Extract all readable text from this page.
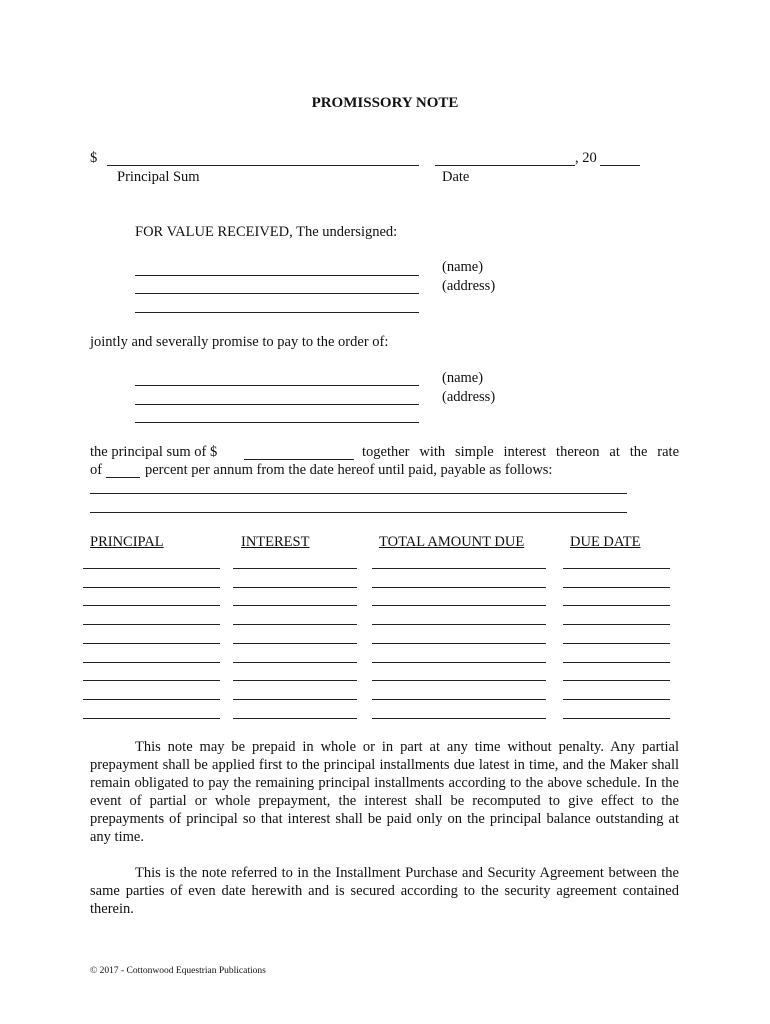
PROMISSORY NOTE
$	, 20
Principal Sum	Date
FOR VALUE RECEIVED, The undersigned:
(name)
(address)
jointly and severally promise to pay to the order of:
(name)
(address)
the principal sum of $	together with simple interest thereon at the rate
of	percent per annum from the date hereof until paid, payable as follows:
PRINCIPAL	INTEREST	TOTAL AMOUNT DUE	DUE DATE
This note may be prepaid in whole or in part at any time without penalty. Any partial prepayment shall be applied first to the principal installments due latest in time, and the Maker shall remain obligated to pay the remaining principal installments according to the above schedule. In the event of partial or whole prepayment, the interest shall be recomputed to give effect to the prepayments of principal so that interest shall be paid only on the principal balance outstanding at any time.
This is the note referred to in the Installment Purchase and Security Agreement between the same parties of even date herewith and is secured according to the security agreement contained therein.
© 2017 - Cottonwood Equestrian Publications
